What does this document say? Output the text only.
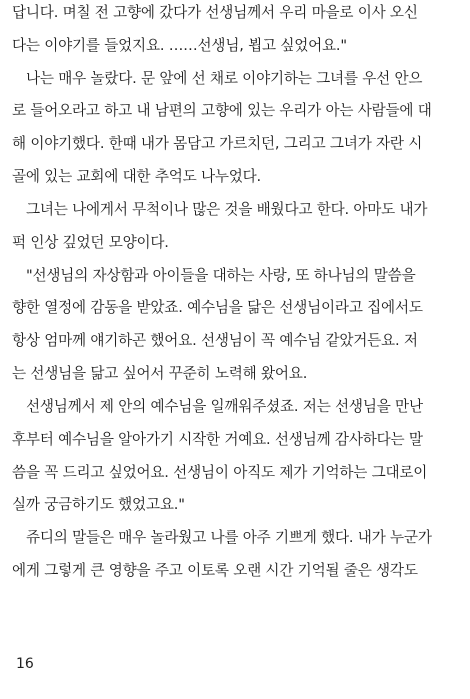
답니다. 며칠 전 고향에 갔다가 선생님께서 우리 마을로 이사 오신
다는 이야기를 들었지요. ……선생님, 뵙고 싶었어요."
나는 매우 놀랐다. 문 앞에 선 채로 이야기하는 그녀를 우선 안으
로 들어오라고 하고 내 남편의 고향에 있는 우리가 아는 사람들에 대
해 이야기했다. 한때 내가 몸담고 가르치던, 그리고 그녀가 자란 시
골에 있는 교회에 대한 추억도 나누었다.
그녀는 나에게서 무척이나 많은 것을 배웠다고 한다. 아마도 내가
퍽 인상 깊었던 모양이다.
"선생님의 자상함과 아이들을 대하는 사랑, 또 하나님의 말씀을
향한 열정에 감동을 받았죠. 예수님을 닮은 선생님이라고 집에서도
항상 엄마께 얘기하곤 했어요. 선생님이 꼭 예수님 같았거든요. 저
는 선생님을 닮고 싶어서 꾸준히 노력해 왔어요.
선생님께서 제 안의 예수님을 일깨워주셨죠. 저는 선생님을 만난
후부터 예수님을 알아가기 시작한 거예요. 선생님께 감사하다는 말
씀을 꼭 드리고 싶었어요. 선생님이 아직도 제가 기억하는 그대로이
실까 궁금하기도 했었고요."
쥬디의 말들은 매우 놀라웠고 나를 아주 기쁘게 했다. 내가 누군가
에게 그렇게 큰 영향을 주고 이토록 오랜 시간 기억될 줄은 생각도
16
